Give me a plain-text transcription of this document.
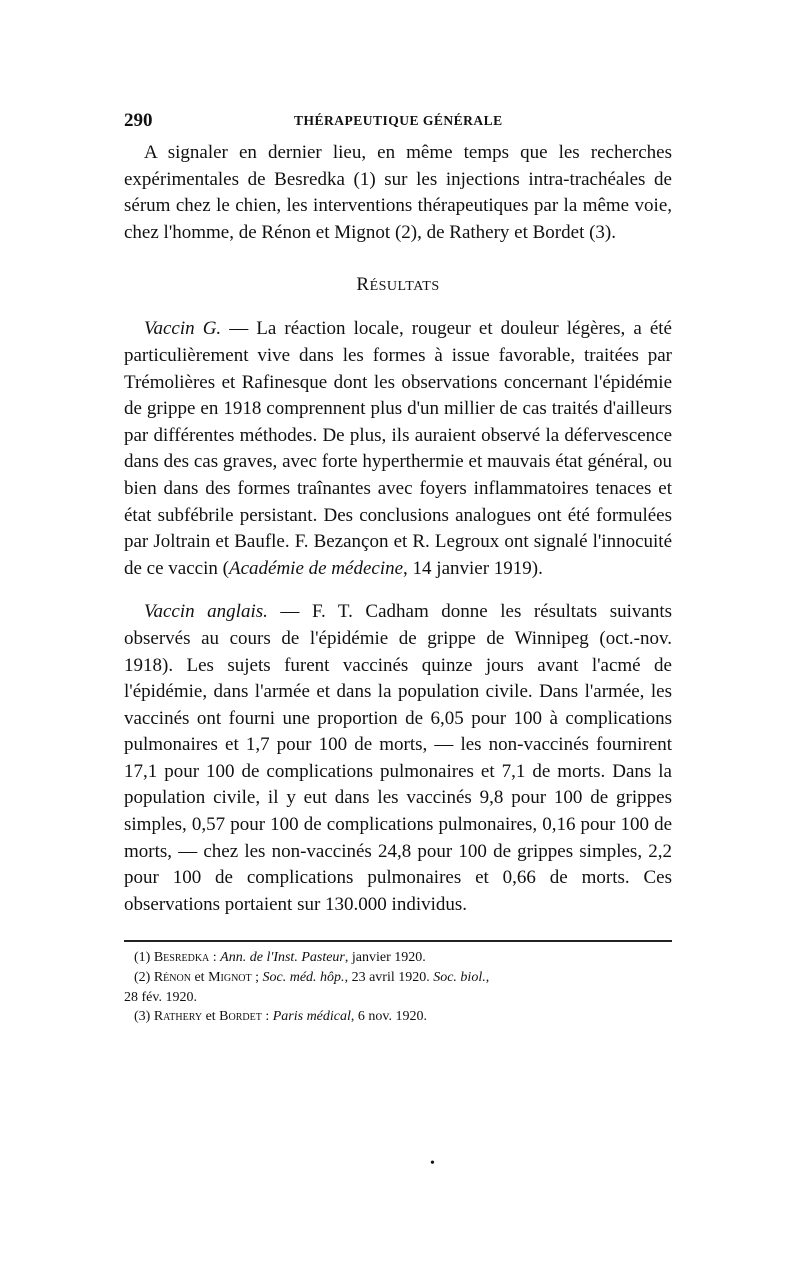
290	THÉRAPEUTIQUE GÉNÉRALE

A signaler en dernier lieu, en même temps que les recherches expérimentales de Besredka (1) sur les injections intra-trachéales de sérum chez le chien, les interventions thérapeutiques par la même voie, chez l'homme, de Rénon et Mignot (2), de Rathery et Bordet (3).

RÉSULTATS

Vaccin G. — La réaction locale, rougeur et douleur légères, a été particulièrement vive dans les formes à issue favorable, traitées par Trémolières et Rafinesque dont les observations concernant l'épidémie de grippe en 1918 comprennent plus d'un millier de cas traités d'ailleurs par différentes méthodes. De plus, ils auraient observé la défervescence dans des cas graves, avec forte hyperthermie et mauvais état général, ou bien dans des formes traînantes avec foyers inflammatoires tenaces et état subfébrile persistant. Des conclusions analogues ont été formulées par Joltrain et Baufle. F. Bezançon et R. Legroux ont signalé l'innocuité de ce vaccin (Académie de médecine, 14 janvier 1919).

Vaccin anglais. — F. T. Cadham donne les résultats suivants observés au cours de l'épidémie de grippe de Winnipeg (oct.-nov. 1918). Les sujets furent vaccinés quinze jours avant l'acmé de l'épidémie, dans l'armée et dans la population civile. Dans l'armée, les vaccinés ont fourni une proportion de 6,05 pour 100 à complications pulmonaires et 1,7 pour 100 de morts, — les non-vaccinés fournirent 17,1 pour 100 de complications pulmonaires et 7,1 de morts. Dans la population civile, il y eut dans les vaccinés 9,8 pour 100 de grippes simples, 0,57 pour 100 de complications pulmonaires, 0,16 pour 100 de morts, — chez les non-vaccinés 24,8 pour 100 de grippes simples, 2,2 pour 100 de complications pulmonaires et 0,66 de morts. Ces observations portaient sur 130.000 individus.

(1) Besredka : Ann. de l'Inst. Pasteur, janvier 1920.

(2) Rénon et Mignot ; Soc. méd. hôp., 23 avril 1920. Soc. biol.,

28 fév. 1920.

(3) Rathery et Bordet : Paris médical, 6 nov. 1920.

•
